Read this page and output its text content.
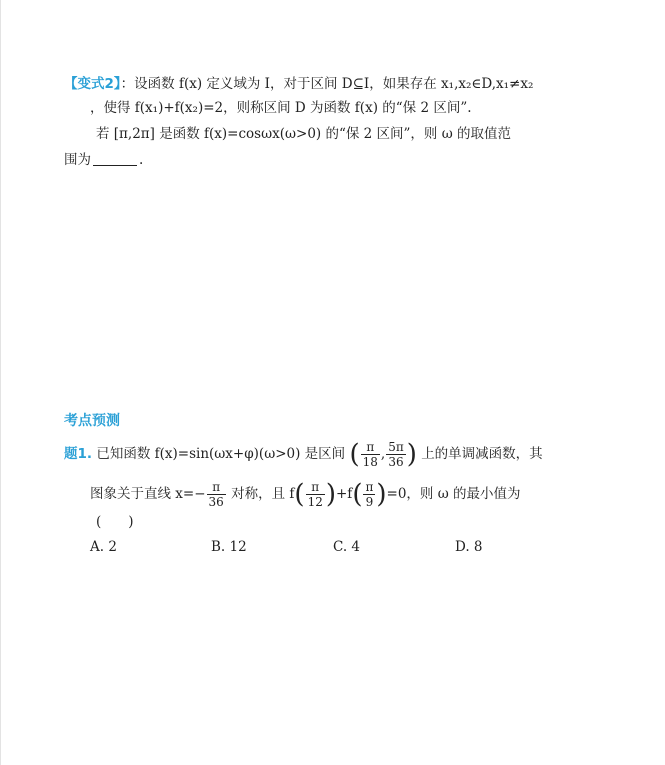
【变式2】：设函数 f(x) 定义域为 I，对于区间 D⊆I，如果存在 x₁,x₂∈D,x₁≠x₂
，使得 f(x₁)+f(x₂)=2，则称区间 D 为函数 f(x) 的“保 2 区间”.
若 [π,2π] 是函数 f(x)=cosωx(ω>0) 的“保 2 区间”，则 ω 的取值范
围为	.
考点预测
题1. 已知函数 f(x)=sin(ωx+φ)(ω>0) 是区间 ( $\frac{\pi}{18}$ , $\frac{5\pi}{36}$ ) 上的单调减函数，其
图象关于直线 $x=- \frac{\pi}{36}$ 对称，且 $f( \frac{\pi}{12} )+f( \frac{\pi}{9} )=0$，则 ω 的最小值为
(　　)
A. 2	B. 12	C. 4	D. 8
